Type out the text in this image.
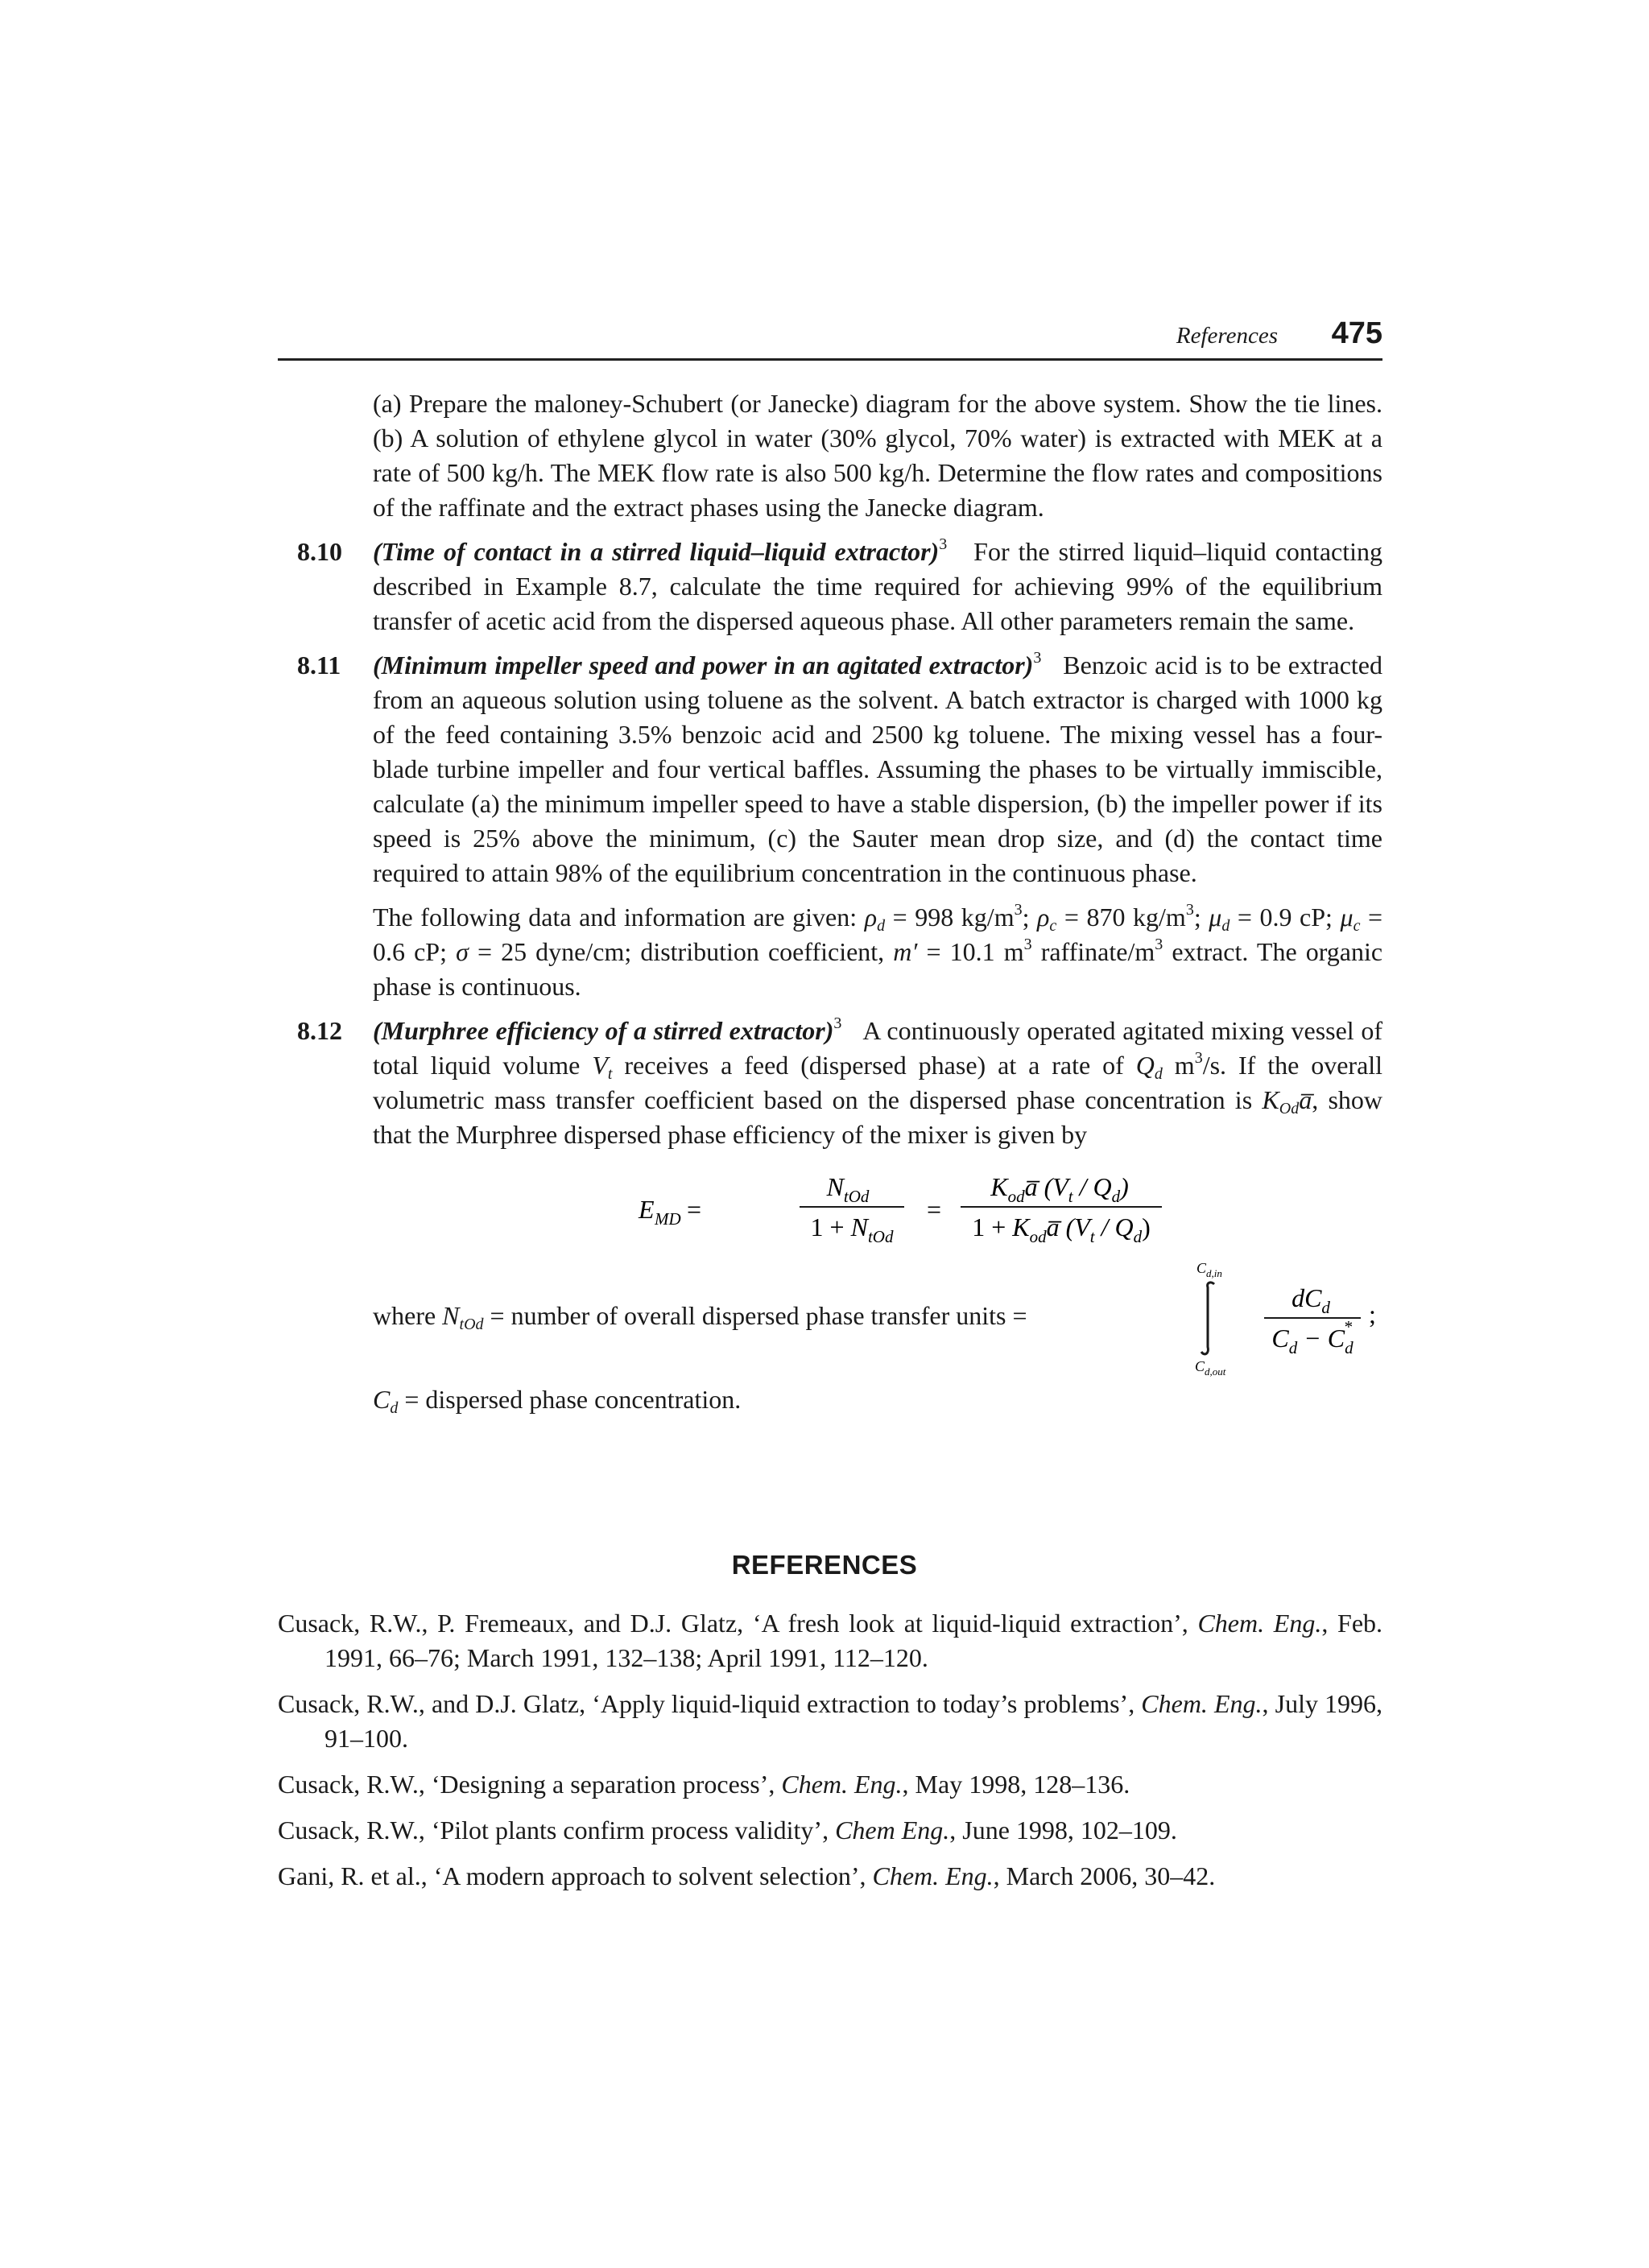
References 475

(a) Prepare the maloney-Schubert (or Janecke) diagram for the above system. Show the tie lines. (b) A solution of ethylene glycol in water (30% glycol, 70% water) is extracted with MEK at a rate of 500 kg/h. The MEK flow rate is also 500 kg/h. Determine the flow rates and compositions of the raffinate and the extract phases using the Janecke diagram.

8.10 (Time of contact in a stirred liquid–liquid extractor)$^3$ For the stirred liquid–liquid contacting described in Example 8.7, calculate the time required for achieving 99% of the equilibrium transfer of acetic acid from the dispersed aqueous phase. All other parameters remain the same.

8.11 (Minimum impeller speed and power in an agitated extractor)$^3$ Benzoic acid is to be extracted from an aqueous solution using toluene as the solvent. A batch extractor is charged with 1000 kg of the feed containing 3.5% benzoic acid and 2500 kg toluene. The mixing vessel has a four-blade turbine impeller and four vertical baffles. Assuming the phases to be virtually immiscible, calculate (a) the minimum impeller speed to have a stable dispersion, (b) the impeller power if its speed is 25% above the minimum, (c) the Sauter mean drop size, and (d) the contact time required to attain 98% of the equilibrium concentration in the continuous phase.

The following data and information are given: $\rho_d = 998$ $kg/m^3$; $\rho_c = 870$ $kg/m^3$; $\mu_d = 0.9$ cP; $\mu_c = 0.6$ cP; σ = 25 dyne/cm; distribution coefficient, m′ = 10.1 $m^3$ raffinate/$m^3$ extract. The organic phase is continuous.

8.12 (Murphree efficiency of a stirred extractor)$^3$ A continuously operated agitated mixing vessel of total liquid volume $V_t$ receives a feed (dispersed phase) at a rate of $Q_d$ $m^3/s$. If the overall volumetric mass transfer coefficient based on the dispersed phase concentration is $K_{Od}a̅$, show that the Murphree dispersed phase efficiency of the mixer is given by

E MD =
$N_{tOd}$
$1 + N_{tOd}$
=
$K_{od}a̅$ $(V_t / Q_d)$
$1 + K_{od}a̅$ $(V_t / Q_d)$
where $N_{tOd}$ = number of overall dispersed phase transfer units =
$C_{d,in}$
$C_{d,out}$
$dC_d$
$C_d - C_d*$ ;

$C_d$ = dispersed phase concentration.

REFERENCES
Cusack, R.W., P. Fremeaux, and D.J. Glatz, ‘A fresh look at liquid-liquid extraction’, Chem. Eng., Feb. 1991, 66–76; March 1991, 132–138; April 1991, 112–120.
Cusack, R.W., and D.J. Glatz, ‘Apply liquid-liquid extraction to today’s problems’, Chem. Eng., July 1996, 91–100.
Cusack, R.W., ‘Designing a separation process’, Chem. Eng., May 1998, 128–136.
Cusack, R.W., ‘Pilot plants confirm process validity’, Chem Eng., June 1998, 102–109.
Gani, R. et al., ‘A modern approach to solvent selection’, Chem. Eng., March 2006, 30–42.
